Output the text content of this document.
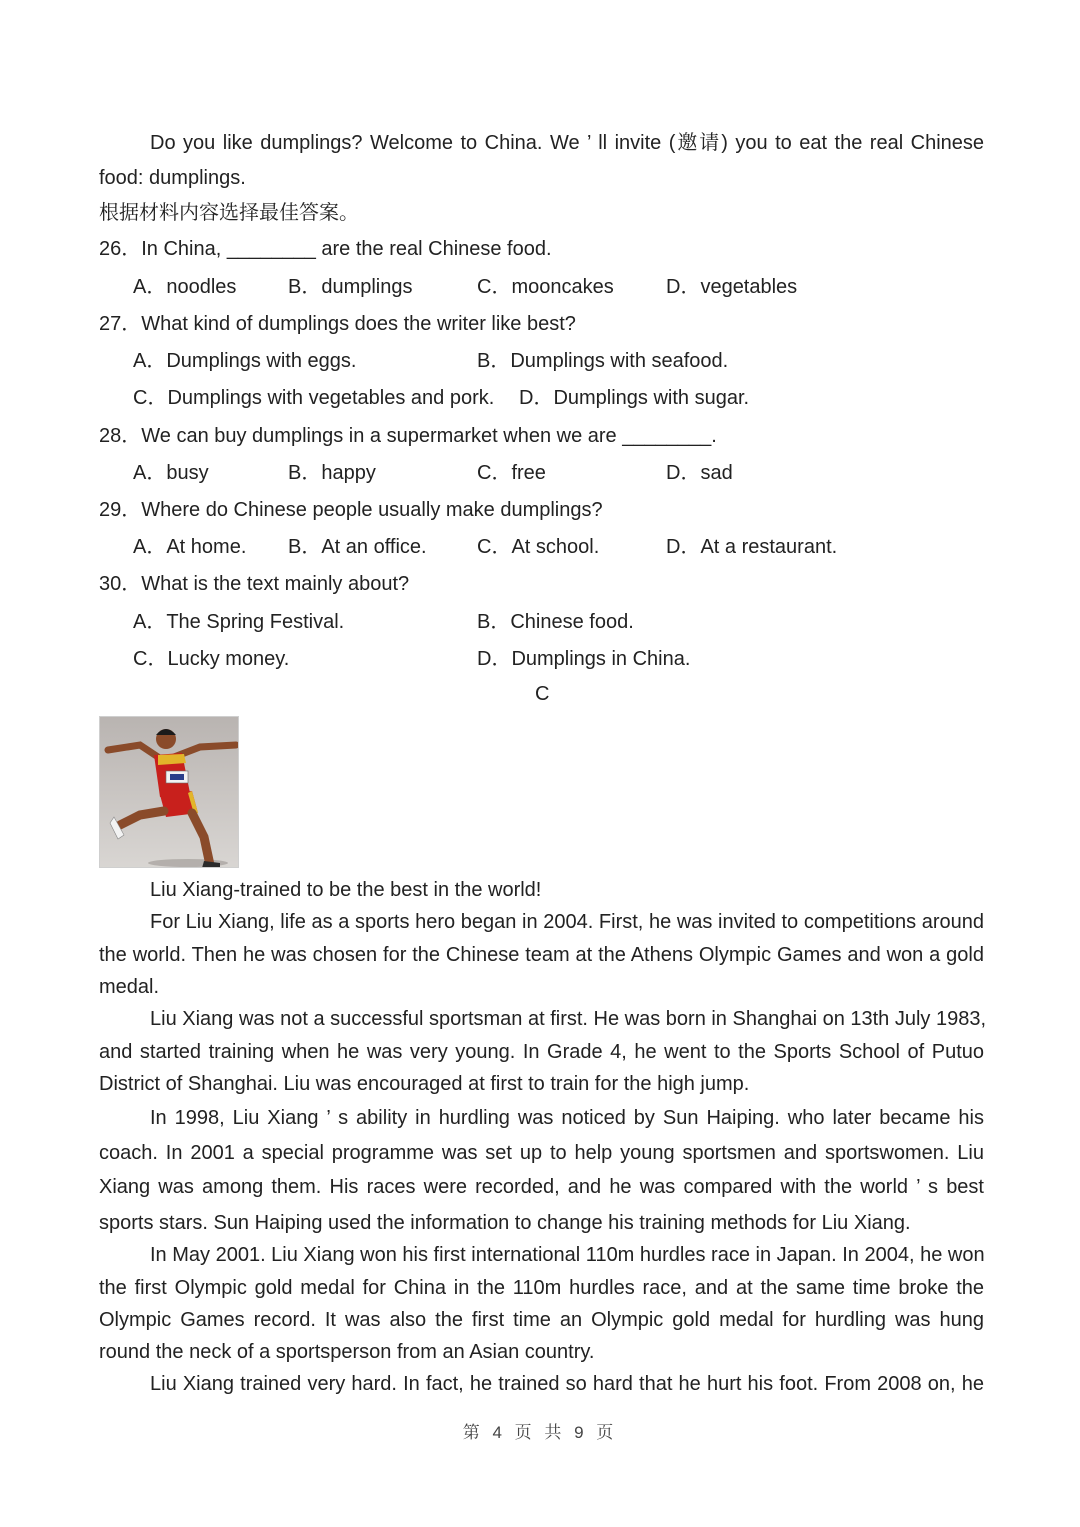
Do you like dumplings? Welcome to China. We ’ ll invite (邀请) you to eat the real Chinese
food: dumplings.
根据材料内容选择最佳答案。
26．In China, ________ are the real Chinese food.
A．noodles	B．dumplings	C．mooncakes	D．vegetables
27．What kind of dumplings does the writer like best?
A．Dumplings with eggs.	B．Dumplings with seafood.
C．Dumplings with vegetables and pork. D．Dumplings with sugar.
28．We can buy dumplings in a supermarket when we are ________.
A．busy	B．happy	C．free	D．sad
29．Where do Chinese people usually make dumplings?
A．At home. B．At an office.	C．At school.	D．At a restaurant.
30．What is the text mainly about?
A．The Spring Festival.	B．Chinese food.
C．Lucky money.	D．Dumplings in China.
C
Liu Xiang-trained to be the best in the world!
For Liu Xiang, life as a sports hero began in 2004. First, he was invited to competitions around
the world. Then he was chosen for the Chinese team at the Athens Olympic Games and won a gold
medal.
Liu Xiang was not a successful sportsman at first. He was born in Shanghai on 13th July 1983,
and started training when he was very young. In Grade 4, he went to the Sports School of Putuo
District of Shanghai. Liu was encouraged at first to train for the high jump.
In 1998, Liu Xiang ’ s ability in hurdling was noticed by Sun Haiping. who later became his
coach. In 2001 a special programme was set up to help young sportsmen and sportswomen. Liu
Xiang was among them. His races were recorded, and he was compared with the world ’ s best
sports stars. Sun Haiping used the information to change his training methods for Liu Xiang.
In May 2001. Liu Xiang won his first international 110m hurdles race in Japan. In 2004, he won
the first Olympic gold medal for China in the 110m hurdles race, and at the same time broke the
Olympic Games record. It was also the first time an Olympic gold medal for hurdling was hung
round the neck of a sportsperson from an Asian country.
Liu Xiang trained very hard. In fact, he trained so hard that he hurt his foot. From 2008 on, he
第 4 页 共 9 页
